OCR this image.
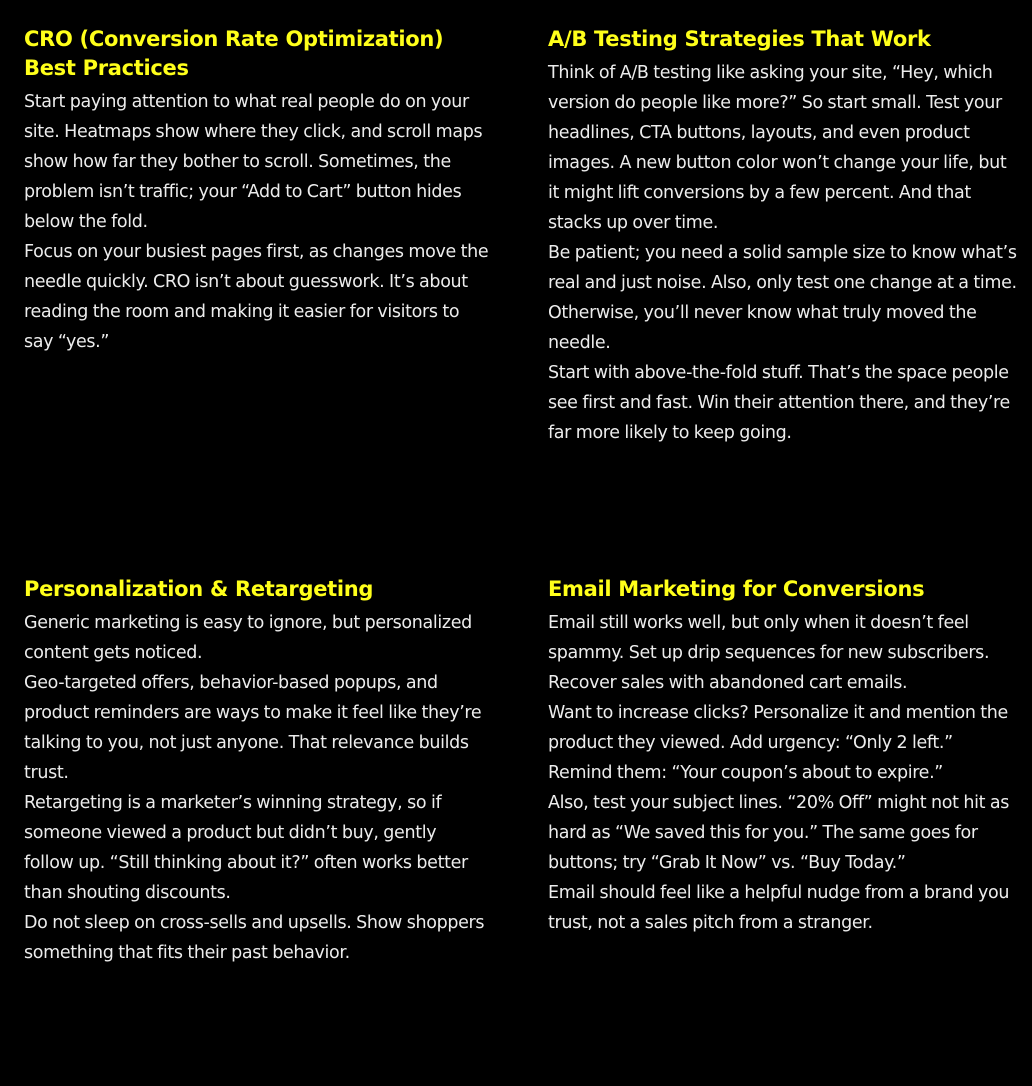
CRO (Conversion Rate Optimization) Best Practices

Start paying attention to what real people do on your site. Heatmaps show where they click, and scroll maps show how far they bother to scroll. Sometimes, the problem isn’t traffic; your “Add to Cart” button hides below the fold.

Focus on your busiest pages first, as changes move the needle quickly. CRO isn’t about guesswork. It’s about reading the room and making it easier for visitors to say “yes.”

A/B Testing Strategies That Work

Think of A/B testing like asking your site, “Hey, which version do people like more?” So start small. Test your headlines, CTA buttons, layouts, and even product images. A new button color won’t change your life, but it might lift conversions by a few percent. And that stacks up over time.

Be patient; you need a solid sample size to know what’s real and just noise. Also, only test one change at a time. Otherwise, you’ll never know what truly moved the needle.

Start with above-the-fold stuff. That’s the space people see first and fast. Win their attention there, and they’re far more likely to keep going.

Personalization & Retargeting

Generic marketing is easy to ignore, but personalized content gets noticed.

Geo-targeted offers, behavior-based popups, and product reminders are ways to make it feel like they’re talking to you, not just anyone. That relevance builds trust.

Retargeting is a marketer’s winning strategy, so if someone viewed a product but didn’t buy, gently follow up. “Still thinking about it?” often works better than shouting discounts.

Do not sleep on cross-sells and upsells. Show shoppers something that fits their past behavior.

Email Marketing for Conversions

Email still works well, but only when it doesn’t feel spammy. Set up drip sequences for new subscribers. Recover sales with abandoned cart emails.

Want to increase clicks? Personalize it and mention the product they viewed. Add urgency: “Only 2 left.” Remind them: “Your coupon’s about to expire.”

Also, test your subject lines. “20% Off” might not hit as hard as “We saved this for you.” The same goes for buttons; try “Grab It Now” vs. “Buy Today.”

Email should feel like a helpful nudge from a brand you trust, not a sales pitch from a stranger.
